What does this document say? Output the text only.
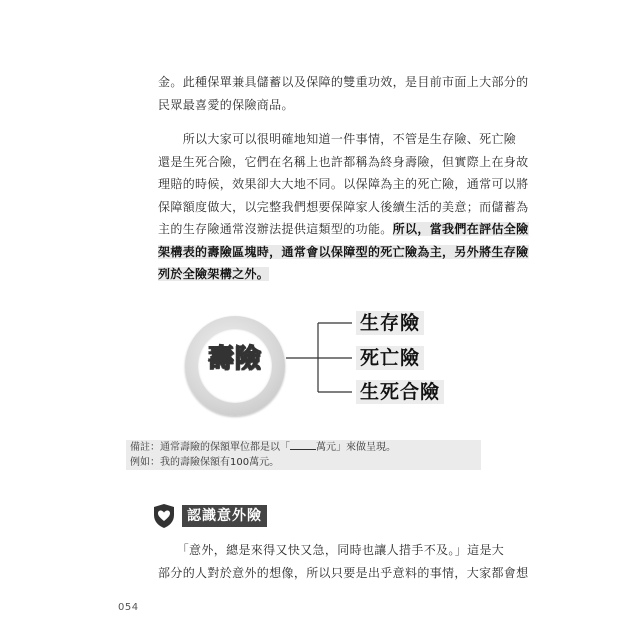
金。此種保單兼具儲蓄以及保障的雙重功效，是目前市面上大部分的
民眾最喜愛的保險商品。

　　所以大家可以很明確地知道一件事情，不管是生存險、死亡險
還是生死合險，它們在名稱上也許都稱為終身壽險，但實際上在身故
理賠的時候，效果卻大大地不同。以保障為主的死亡險，通常可以將
保障額度做大，以完整我們想要保障家人後續生活的美意；而儲蓄為
主的生存險通常沒辦法提供這類型的功能。所以，當我們在評估全險
架構表的壽險區塊時，通常會以保障型的死亡險為主，另外將生存險
列於全險架構之外。

壽險
生存險
死亡險
生死合險
備註：通常壽險的保額單位都是以「	萬元」來做呈現。
例如：我的壽險保額有100萬元。
認識意外險

　　「意外，總是來得又快又急，同時也讓人措手不及。」這是大
部分的人對於意外的想像，所以只要是出乎意料的事情，大家都會想

054
